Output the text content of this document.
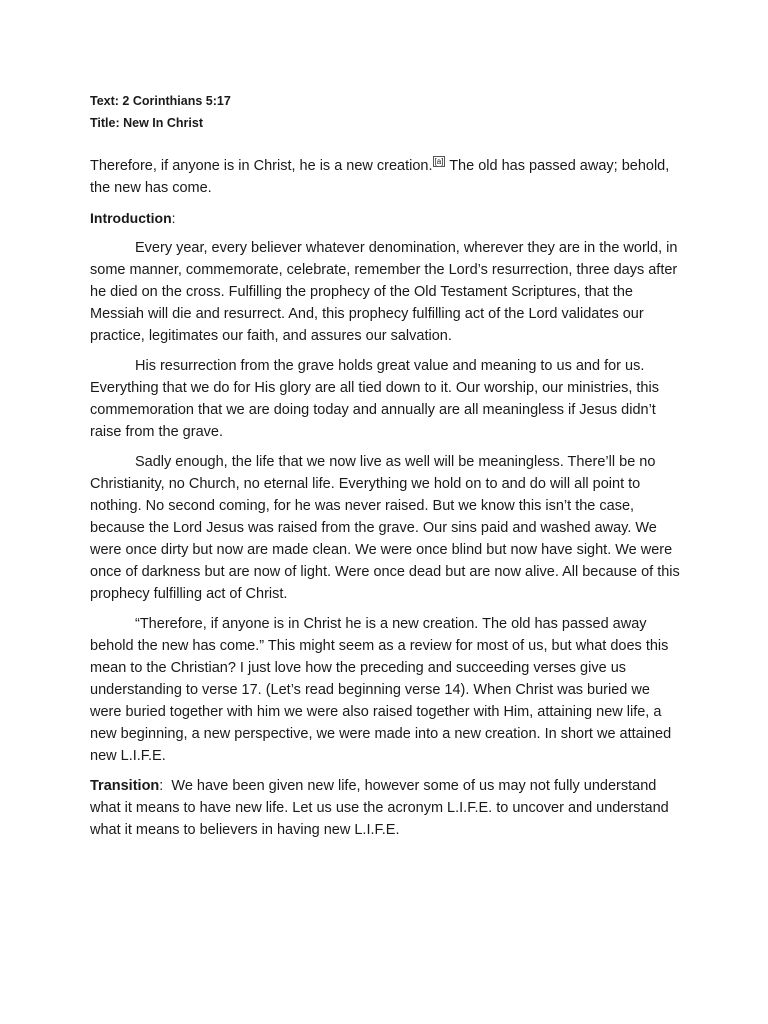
Text: 2 Corinthians 5:17

Title: New In Christ

Therefore, if anyone is in Christ, he is a new creation. [a] The old has passed away; behold, the new has come.

Introduction:

Every year, every believer whatever denomination, wherever they are in the world, in some manner, commemorate, celebrate, remember the Lord’s resurrection, three days after he died on the cross. Fulfilling the prophecy of the Old Testament Scriptures, that the Messiah will die and resurrect. And, this prophecy fulfilling act of the Lord validates our practice, legitimates our faith, and assures our salvation.

His resurrection from the grave holds great value and meaning to us and for us. Everything that we do for His glory are all tied down to it. Our worship, our ministries, this commemoration that we are doing today and annually are all meaningless if Jesus didn’t raise from the grave.

Sadly enough, the life that we now live as well will be meaningless. There’ll be no Christianity, no Church, no eternal life. Everything we hold on to and do will all point to nothing. No second coming, for he was never raised. But we know this isn’t the case, because the Lord Jesus was raised from the grave. Our sins paid and washed away. We were once dirty but now are made clean. We were once blind but now have sight. We were once of darkness but are now of light. Were once dead but are now alive. All because of this prophecy fulfilling act of Christ.

“Therefore, if anyone is in Christ he is a new creation. The old has passed away behold the new has come.” This might seem as a review for most of us, but what does this mean to the Christian? I just love how the preceding and succeeding verses give us understanding to verse 17. (Let’s read beginning verse 14). When Christ was buried we were buried together with him we were also raised together with Him, attaining new life, a new beginning, a new perspective, we were made into a new creation. In short we attained new L.I.F.E.

Transition:  We have been given new life, however some of us may not fully understand what it means to have new life. Let us use the acronym L.I.F.E. to uncover and understand what it means to believers in having new L.I.F.E.
